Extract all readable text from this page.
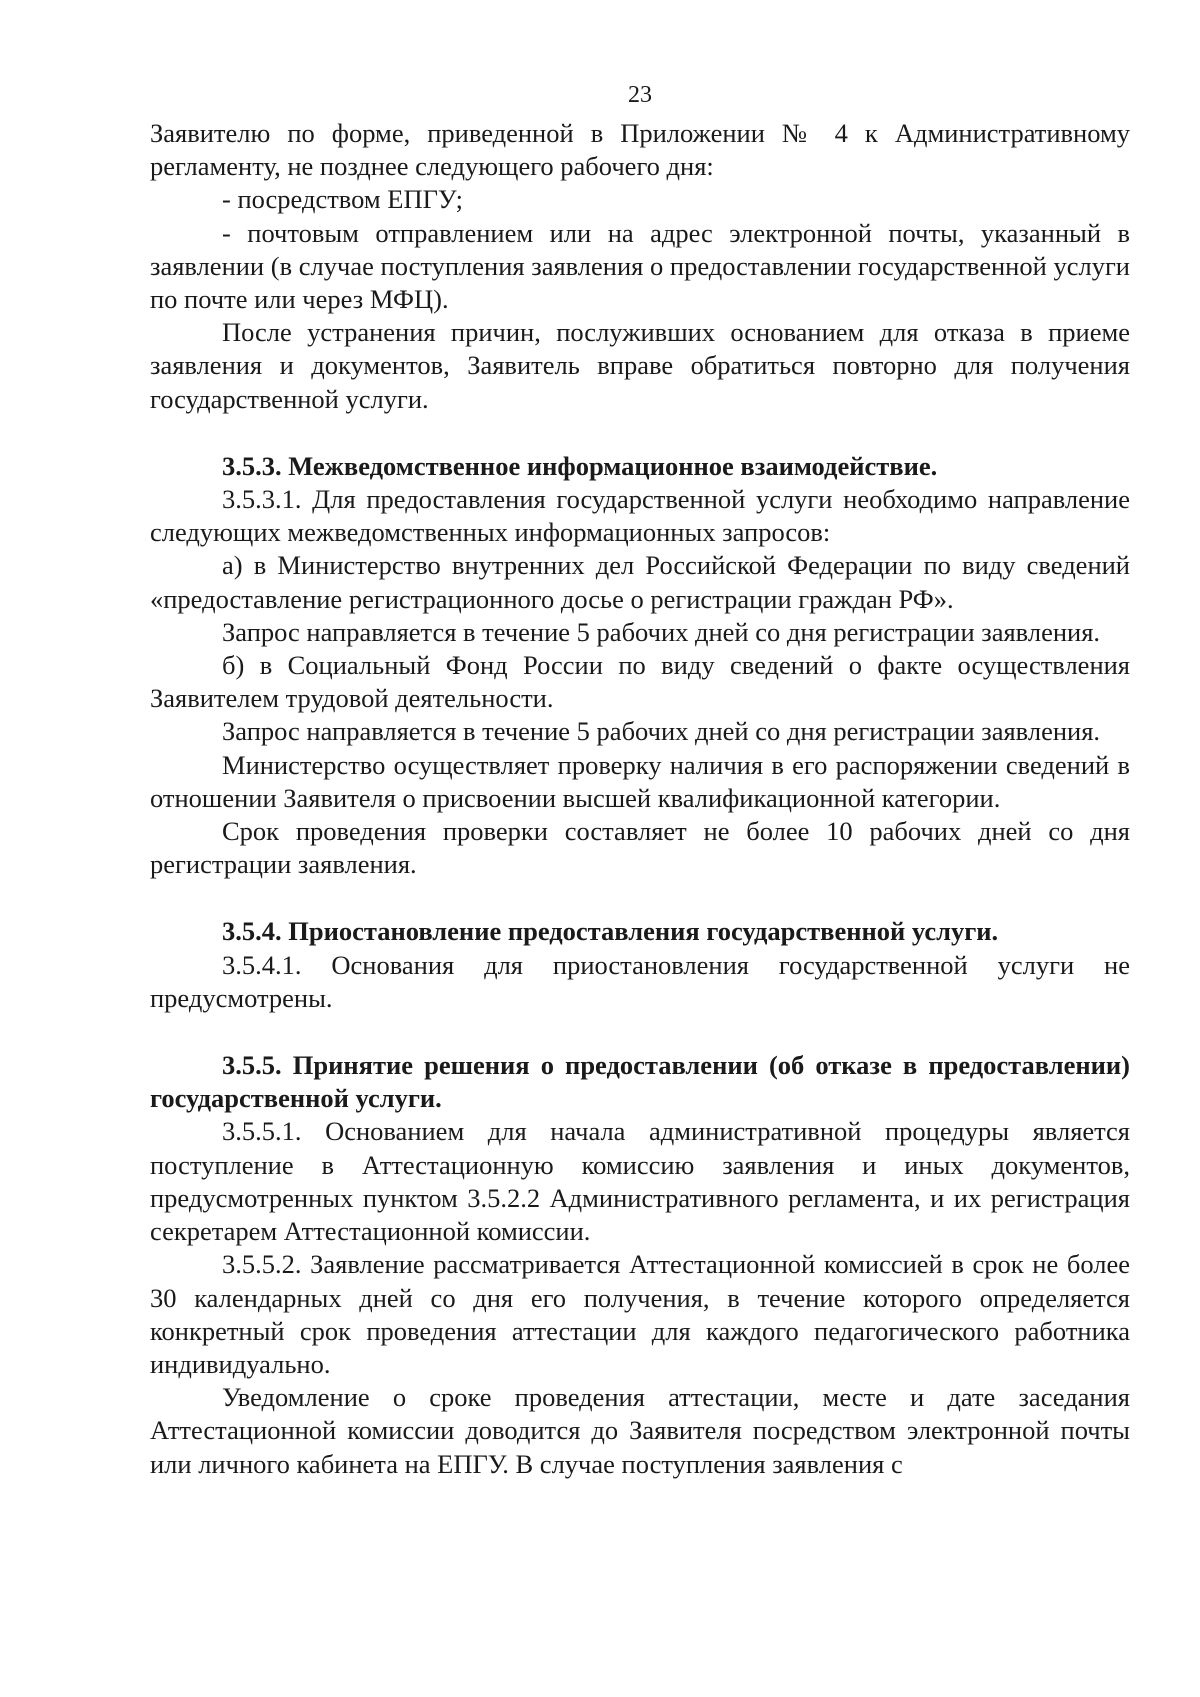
23

Заявителю по форме, приведенной в Приложении № 4 к Административному регламенту, не позднее следующего рабочего дня:

- посредством ЕПГУ;

- почтовым отправлением или на адрес электронной почты, указанный в заявлении (в случае поступления заявления о предоставлении государственной услуги по почте или через МФЦ).

После устранения причин, послуживших основанием для отказа в приеме заявления и документов, Заявитель вправе обратиться повторно для получения государственной услуги.

3.5.3. Межведомственное информационное взаимодействие.

3.5.3.1. Для предоставления государственной услуги необходимо направление следующих межведомственных информационных запросов:

а) в Министерство внутренних дел Российской Федерации по виду сведений «предоставление регистрационного досье о регистрации граждан РФ».

Запрос направляется в течение 5 рабочих дней со дня регистрации заявления.

б) в Социальный Фонд России по виду сведений о факте осуществления Заявителем трудовой деятельности.

Запрос направляется в течение 5 рабочих дней со дня регистрации заявления.

Министерство осуществляет проверку наличия в его распоряжении сведений в отношении Заявителя о присвоении высшей квалификационной категории.

Срок проведения проверки составляет не более 10 рабочих дней со дня регистрации заявления.

3.5.4. Приостановление предоставления государственной услуги.

3.5.4.1. Основания для приостановления государственной услуги не предусмотрены.

3.5.5. Принятие решения о предоставлении (об отказе в предоставлении) государственной услуги.

3.5.5.1. Основанием для начала административной процедуры является поступление в Аттестационную комиссию заявления и иных документов, предусмотренных пунктом 3.5.2.2 Административного регламента, и их регистрация секретарем Аттестационной комиссии.

3.5.5.2. Заявление рассматривается Аттестационной комиссией в срок не более 30 календарных дней со дня его получения, в течение которого определяется конкретный срок проведения аттестации для каждого педагогического работника индивидуально.

Уведомление о сроке проведения аттестации, месте и дате заседания Аттестационной комиссии доводится до Заявителя посредством электронной почты или личного кабинета на ЕПГУ. В случае поступления заявления с
